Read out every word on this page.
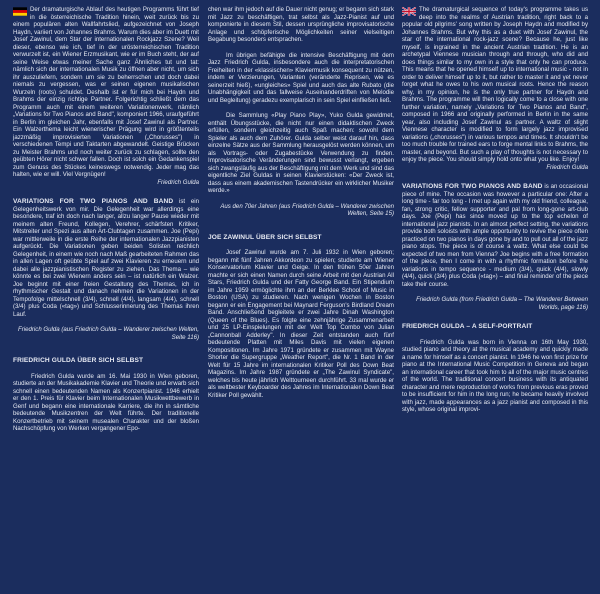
Der dramaturgische Ablauf des heutigen Programms führt tief in die österreichische Tradition hinein, weit zurück bis zu einem populären alten Wallfahrtslied, aufgezeichnet von Joseph Haydn, variiert von Johannes Brahms. Warum dies aber im Duett mit Josef Zawinul, dem Star der internationalen Rockjazz Szene? Weil dieser, ebenso wie ich, tief in der urösterreichischen Tradition verwurzelt ist, ein Wiener Erzmusikant, wie er im Buch steht, der auf seine Weise etwas meiner Sache ganz Ähnliches tut und tat: nämlich sich der internationalen Musik zu öffnen aber nicht, um sich ihr auszuliefern, sondern um sie zu beherrschen und doch dabei niemals zu vergessen, was er seinen eigenen musikalischen Wurzeln (roots) schuldet. Deshalb ist er für mich bei Haydn und Brahms der einzig richtige Partner. Folgerichtig schließt dem das Programm auch mit einem weiteren Variationenwerk, nämlich „Variations for Two Pianos and Band", komponiert 1966, uraufgeführt in Berlin im gleichen Jahr, ebenfalls mit Josef Zawinul als Partner. Ein Walzerthema leicht wienerischer Prägung wird in größtenteils jazzmäßig improvisierten Variationen („Chorusses") in verschiedenen Tempi und Taktarten abgewandelt. Geistige Brücken zu Meister Brahms und noch weiter zurück zu schlagen, sollte den geübten Hörer nicht schwer fallen. Doch ist solch ein Gedankenspiel zum Genuss des Stückes keineswegs notwendig. Jeder mag das halten, wie er will. Viel Vergnügen!

Friedrich Gulda

VARIATIONS FOR TWO PIANOS AND BAND ist ein Gelegenheitswerk von mir. Die Gelegenheit war allerdings eine besondere, traf ich doch nach langer, allzu langer Pause wieder mit meinem alten Freund, Kollegen, Verehrer, schärfsten Kritiker, Mitstreiter und Spezi aus alten Art-Clubtagen zusammen. Joe (Pepi) war mittlerweile in die erste Reihe der internationalen Jazzpianisten aufgerückt. Die Variationen geben beiden Solisten reichlich Gelegenheit, in einem wie noch nach Maß gearbeiteten Rahmen das in allen Lagen oft geübte Spiel auf zwei Klavieren zu erneuern und dabei alle jazzpianistischen Register zu ziehen. Das Thema – wie könnte es bei zwei Wienern anders sein – ist natürlich ein Walzer. Joe beginnt mit einer freien Gestaltung des Themas, ich in rhythmischer Gestalt und danach nehmen die Variationen in der Tempofolge mittelschnell (3/4), schnell (4/4), langsam (4/4), schnell (3/4) plus Coda («tag») und Schlusserinnerung des Themas ihren Lauf.

Friedrich Gulda (aus Friedrich Gulda – Wanderer zwischen Welten, Seite 116)

FRIEDRICH GULDA ÜBER SICH SELBST

Friedrich Gulda wurde am 16. Mai 1930 in Wien geboren, studierte an der Musikakademie Klavier und Theorie und erwarb sich schnell einen bedeutenden Namen als Konzertpianist. 1946 erhielt er den 1. Preis für Klavier beim Internationalen Musikwettbewerb in Genf und begann eine internationale Karriere, die ihn in sämtliche bedeutende Musikzentren der Welt führte. Der traditionelle Konzertbetrieb mit seinem musealen Charakter und der bloßen Nachschöpfung von Werken vergangener Epo-

chen war ihm jedoch auf die Dauer nicht genug; er begann sich stark mit Jazz zu beschäftigen, trat selbst als Jazz-Pianist auf und komponierte in diesem Stil, dessen ursprüngliche improvisatorische Anlage und schöpferische Möglichkeiten seiner vielseitigen Begabung besonders entsprachen.

Im übrigen befähigte die intensive Beschäftigung mit dem Jazz Friedrich Gulda, insbesondere auch die interpretatorischen Freiheiten in der «klassischen» Klaviermusik konsequent zu nützen, indem er Verzierungen, Varianten (veränderte Reprisen, wie es seinerzeit hieß), «ungleiches» Spiel und auch das alte Rubato (die Unabhängigkeit und das fallweise Auseinanderdriften von Melodie und Begleitung) geradezu exemplarisch in sein Spiel einfließen ließ.

Die Sammlung «Play Piano Play», Yuko Gulda gewidmet, enthält Übungsstücke, die nicht nur einen didaktischen Zweck erfüllen, sondern gleichzeitig auch Spaß machen: sowohl dem Spieler als auch dem Zuhörer. Gulda selber weist darauf hin, dass einzelne Sätze aus der Sammlung herausgelöst werden können, um als Vortrags- oder Zugabestücke Verwendung zu finden. Improvisatorische Veränderungen sind bewusst verlangt, ergeben sich zwangsläufig aus der Beschäftigung mit dem Werk und sind das eigentliche Ziel Guldas in seinen Klavierstücken: «Der Zweck ist, dass aus einem akademischen Tastendrücker ein wirklicher Musiker werde.»

Aus den 70er Jahren (aus Friedrich Gulda – Wanderer zwischen Welten, Seite 15)

JOE ZAWINUL ÜBER SICH SELBST

Josef Zawinul wurde am 7. Juli 1932 in Wien geboren; begann mit fünf Jahren Akkordeon zu spielen; studierte am Wiener Konservatorium Klavier und Geige. In den frühen 50er Jahren machte er sich einen Namen durch seine Arbeit mit den Austrian All Stars, Friedrich Gulda und der Fatty George Band. Ein Stipendium im Jahre 1959 ermöglichte ihm an der Berklee School of Music in Boston (USA) zu studieren. Nach wenigen Wochen in Boston begann er ein Engagement bei Maynard Ferguson's Birdland Dream Band. Anschließend begleitete er zwei Jahre Dinah Washington (Queen of the Blues). Es folgte eine zehnjährige Zusammenarbeit und 25 LP-Einspielungen mit der Welt Top Combo von Julian „Cannonball Adderley". In dieser Zeit entstanden auch fünf bedeutende Platten mit Miles Davis mit vielen eigenen Kompositionen. Im Jahre 1971 gründete er zusammen mit Wayne Shorter die Supergruppe „Weather Report", die Nr. 1 Band in der Welt für 15 Jahre im internationalen Kritiker Poll des Down Beat Magazins. Im Jahre 1987 gründete er „The Zawinul Syndicate", welches bis heute jährlich Welttourneen durchführt. 33 mal wurde er als weltbester Keyboarder des Jahres im Internationalen Down Beat Kritiker Poll gewählt.

The dramaturgical sequence of today's programme takes us deep into the realms of Austrian tradition, right back to a popular old pilgrims' song written by Joseph Haydn and modified by Johannes Brahms. But why this as a duet with Josef Zawinul, the star of the international rock-jazz scene? Because he, just like myself, is ingrained in the ancient Austrian tradition. He is an archetypal Viennese musician through and through, who did and does things similar to my own in a style that only he can produce. This means that he opened himself up to international music - not in order to deliver himself up to it, but rather to master it and yet never forget what he owes to his own musical roots. Hence the reason why, in my opinion, he is the only true partner for Haydn and Brahms. The programme will then logically come to a close with one further variation, namely „Variations for Two Pianos and Band", composed in 1966 and originally performed in Berlin in the same year, also including Josef Zawinul as partner. A waltz of slight Viennese character is modified to form largely jazz improvised variations („chorusses") in various tempos and times. It shouldn't be too much trouble for trained ears to forge mental links to Brahms, the master, and beyond. But such a play of thoughts is not necessary to enjoy the piece. You should simply hold onto what you like. Enjoy!

Friedrich Gulda

VARIATIONS FOR TWO PIANOS AND BAND is an occasional piece of mine. The occasion was however a particular one: After a long time - far too long - I met up again with my old friend, colleague, fan, strong critic, fellow supporter and pal from long-gone art-club days. Joe (Pepi) has since moved up to the top echelon of international jazz pianists. In an almost perfect setting, the variations provide both soloists with ample opportunity to revive the piece often practiced on two pianos in days gone by and to pull out all of the jazz piano stops. The piece is of course a waltz. What else could be expected of two men from Vienna? Joe begins with a free formation of the piece, then I come in with a rhythmic formation before the variations in tempo sequence - medium (3/4), quick (4/4), slowly (4/4), quick (3/4) plus Coda («tag») – and final reminder of the piece take their course.

Friedrich Gulda (from Friedrich Gulda – The Wanderer Between Worlds, page 116)

FRIEDRICH GULDA – A SELF-PORTRAIT

Friedrich Gulda was born in Vienna on 16th May 1930, studied piano and theory at the musical academy and quickly made a name for himself as a concert pianist. In 1946 he won first prize for piano at the International Music Competition in Geneva and began an international career that took him to all of the major music centres of the world. The traditional concert business with its antiquated character and mere reproduction of works from previous eras proved to be insufficient for him in the long run; he became heavily involved with jazz, made appearances as a jazz pianist and composed in this style, whose original improvi-
